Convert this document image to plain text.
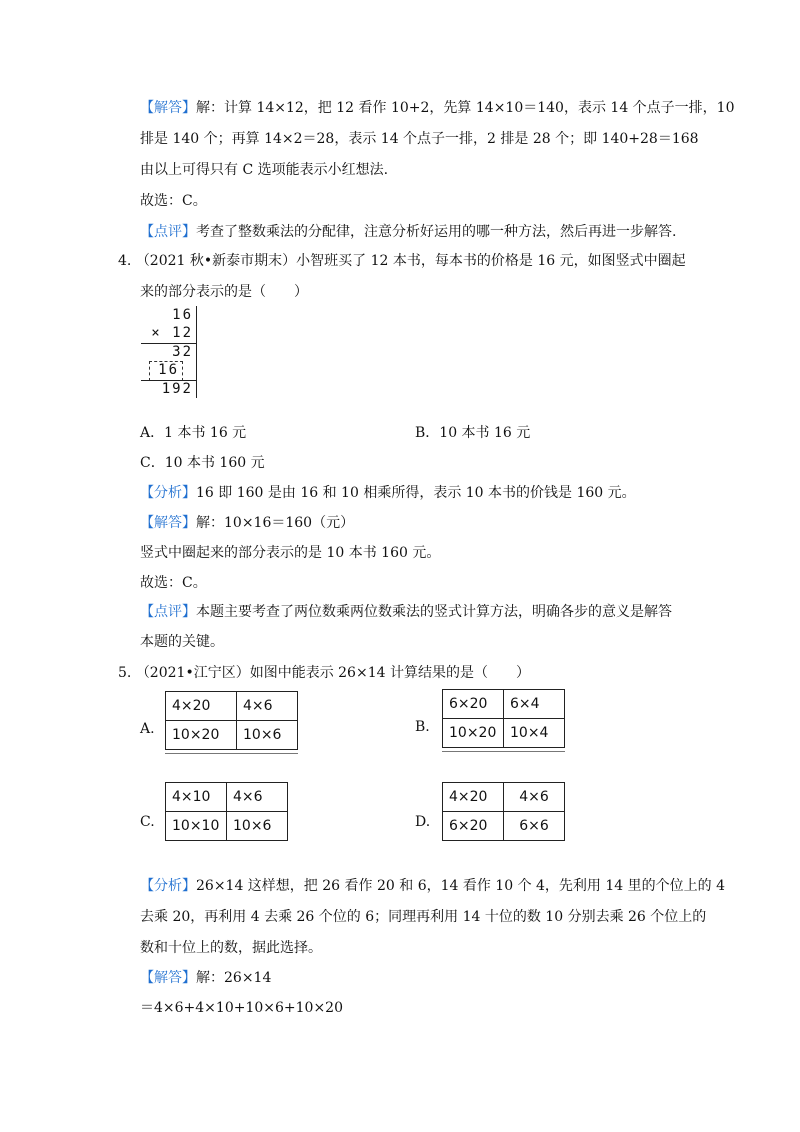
【解答】解：计算 14×12，把 12 看作 10+2，先算 14×10＝140，表示 14 个点子一排，10
排是 140 个；再算 14×2＝28，表示 14 个点子一排，2 排是 28 个；即 140+28＝168
由以上可得只有 C 选项能表示小红想法.
故选：C。
【点评】考查了整数乘法的分配律，注意分析好运用的哪一种方法，然后再进一步解答.
4. （2021 秋•新泰市期末）小智班买了 12 本书，每本书的价格是 16 元，如图竖式中圈起
来的部分表示的是（　　）
16
× 12
32
16
192
A．1 本书 16 元	B．10 本书 16 元
C．10 本书 160 元
【分析】16 即 160 是由 16 和 10 相乘所得，表示 10 本书的价钱是 160 元。
【解答】解：10×16＝160（元）
竖式中圈起来的部分表示的是 10 本书 160 元。
故选：C。
【点评】本题主要考查了两位数乘两位数乘法的竖式计算方法，明确各步的意义是解答
本题的关键。
5. （2021•江宁区）如图中能表示 26×14 计算结果的是（　　）
A.
4×20	4×6
10×20	10×6	B.
6×20	6×4
10×20	10×4
C.
4×10	4×6
10×10	10×6	D.
4×20	4×6
6×20	6×6
【分析】26×14 这样想，把 26 看作 20 和 6，14 看作 10 个 4，先利用 14 里的个位上的 4
去乘 20，再利用 4 去乘 26 个位的 6；同理再利用 14 十位的数 10 分别去乘 26 个位上的
数和十位上的数，据此选择。
【解答】解：26×14
＝4×6+4×10+10×6+10×20
